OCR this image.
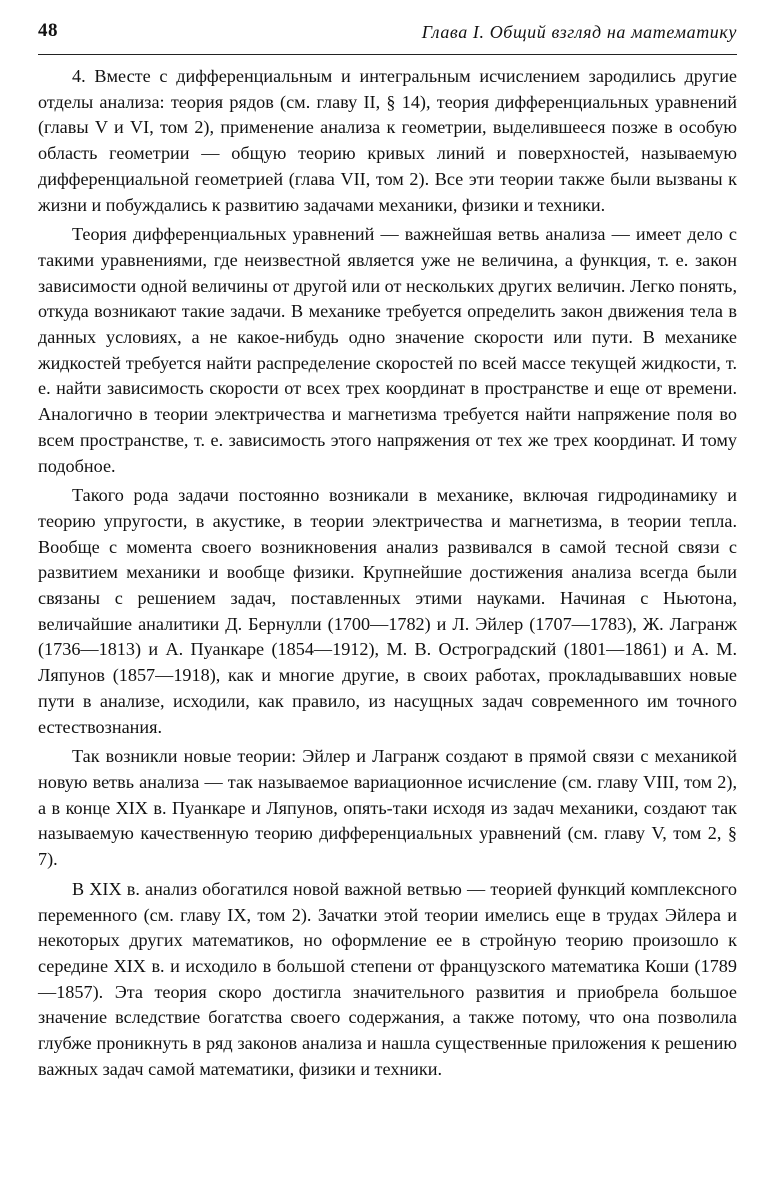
48	Глава I. Общий взгляд на математику

4. Вместе с дифференциальным и интегральным исчислением зародились другие отделы анализа: теория рядов (см. главу II, § 14), теория дифференциальных уравнений (главы V и VI, том 2), применение анализа к геометрии, выделившееся позже в особую область геометрии — общую теорию кривых линий и поверхностей, называемую дифференциальной геометрией (глава VII, том 2). Все эти теории также были вызваны к жизни и побуждались к развитию задачами механики, физики и техники.

Теория дифференциальных уравнений — важнейшая ветвь анализа — имеет дело с такими уравнениями, где неизвестной является уже не величина, а функция, т. е. закон зависимости одной величины от другой или от нескольких других величин. Легко понять, откуда возникают такие задачи. В механике требуется определить закон движения тела в данных условиях, а не какое-нибудь одно значение скорости или пути. В механике жидкостей требуется найти распределение скоростей по всей массе текущей жидкости, т. е. найти зависимость скорости от всех трех координат в пространстве и еще от времени. Аналогично в теории электричества и магнетизма требуется найти напряжение поля во всем пространстве, т. е. зависимость этого напряжения от тех же трех координат. И тому подобное.

Такого рода задачи постоянно возникали в механике, включая гидродинамику и теорию упругости, в акустике, в теории электричества и магнетизма, в теории тепла. Вообще с момента своего возникновения анализ развивался в самой тесной связи с развитием механики и вообще физики. Крупнейшие достижения анализа всегда были связаны с решением задач, поставленных этими науками. Начиная с Ньютона, величайшие аналитики Д. Бернулли (1700—1782) и Л. Эйлер (1707—1783), Ж. Лагранж (1736—1813) и А. Пуанкаре (1854—1912), М. В. Остроградский (1801—1861) и А. М. Ляпунов (1857—1918), как и многие другие, в своих работах, прокладывавших новые пути в анализе, исходили, как правило, из насущных задач современного им точного естествознания.

Так возникли новые теории: Эйлер и Лагранж создают в прямой связи с механикой новую ветвь анализа — так называемое вариационное исчисление (см. главу VIII, том 2), а в конце XIX в. Пуанкаре и Ляпунов, опять-таки исходя из задач механики, создают так называемую качественную теорию дифференциальных уравнений (см. главу V, том 2, § 7).

В XIX в. анализ обогатился новой важной ветвью — теорией функций комплексного переменного (см. главу IX, том 2). Зачатки этой теории имелись еще в трудах Эйлера и некоторых других математиков, но оформление ее в стройную теорию произошло к середине XIX в. и исходило в большой степени от французского математика Коши (1789—1857). Эта теория скоро достигла значительного развития и приобрела большое значение вследствие богатства своего содержания, а также потому, что она позволила глубже проникнуть в ряд законов анализа и нашла существенные приложения к решению важных задач самой математики, физики и техники.
